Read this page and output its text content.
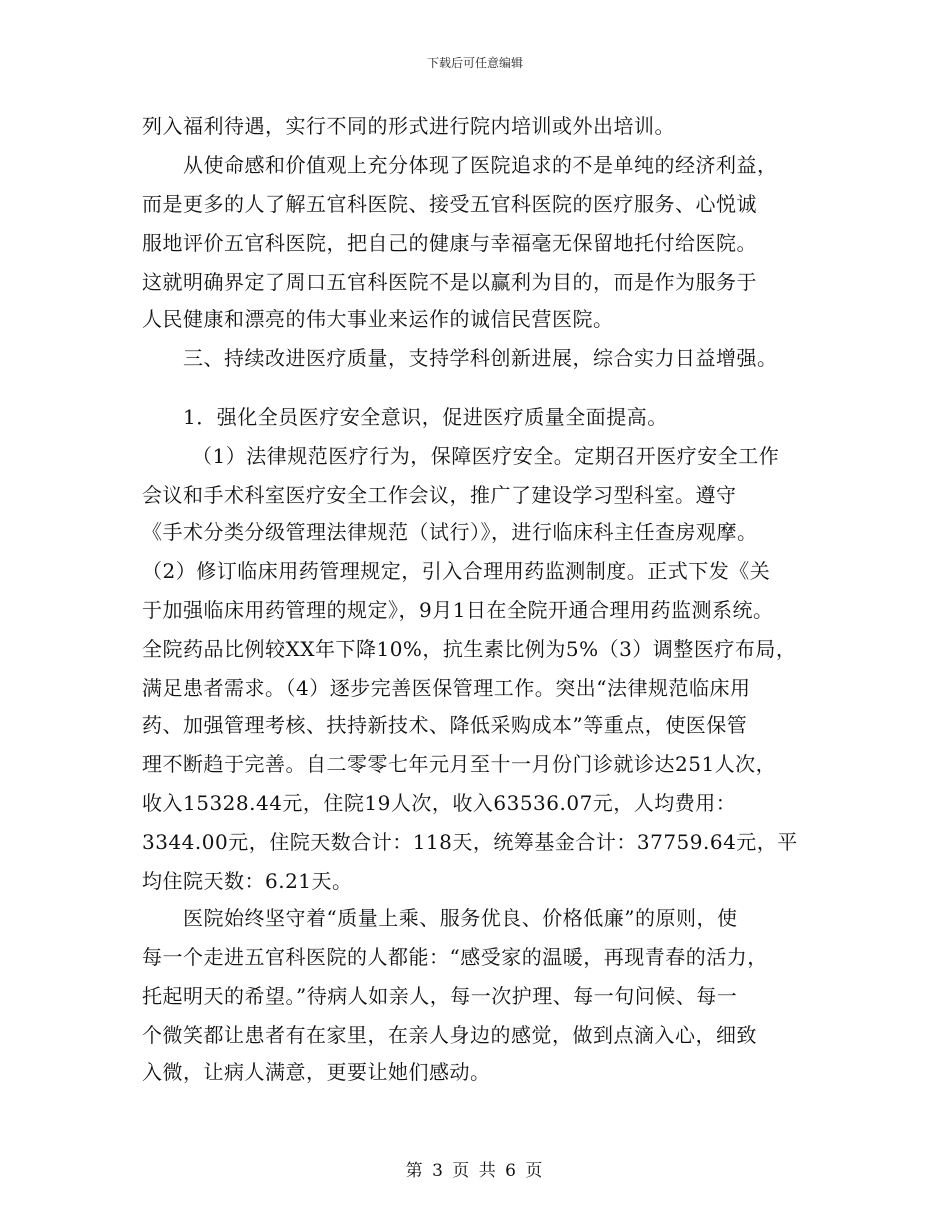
下载后可任意编辑
列入福利待遇，实行不同的形式进行院内培训或外出培训。
从使命感和价值观上充分体现了医院追求的不是单纯的经济利益，
而是更多的人了解五官科医院、接受五官科医院的医疗服务、心悦诚
服地评价五官科医院，把自己的健康与幸福毫无保留地托付给医院。
这就明确界定了周口五官科医院不是以赢利为目的，而是作为服务于
人民健康和漂亮的伟大事业来运作的诚信民营医院。
三、持续改进医疗质量，支持学科创新进展，综合实力日益增强。
1．强化全员医疗安全意识，促进医疗质量全面提高。
（1）法律规范医疗行为，保障医疗安全。定期召开医疗安全工作
会议和手术科室医疗安全工作会议，推广了建设学习型科室。遵守
《手术分类分级管理法律规范（试行）》，进行临床科主任查房观摩。
（2）修订临床用药管理规定，引入合理用药监测制度。正式下发《关
于加强临床用药管理的规定》，9月1日在全院开通合理用药监测系统。
全院药品比例较XX年下降10%，抗生素比例为5%（3）调整医疗布局，
满足患者需求。（4）逐步完善医保管理工作。突出“法律规范临床用
药、加强管理考核、扶持新技术、降低采购成本”等重点，使医保管
理不断趋于完善。自二零零七年元月至十一月份门诊就诊达251人次，
收入15328.44元，住院19人次，收入63536.07元，人均费用：
3344.00元，住院天数合计：118天，统筹基金合计：37759.64元，平
均住院天数：6.21天。
医院始终坚守着“质量上乘、服务优良、价格低廉”的原则，使
每一个走进五官科医院的人都能：“感受家的温暖，再现青春的活力，
托起明天的希望。”待病人如亲人，每一次护理、每一句问候、每一
个微笑都让患者有在家里，在亲人身边的感觉，做到点滴入心，细致
入微，让病人满意，更要让她们感动。
第 3 页 共 6 页
